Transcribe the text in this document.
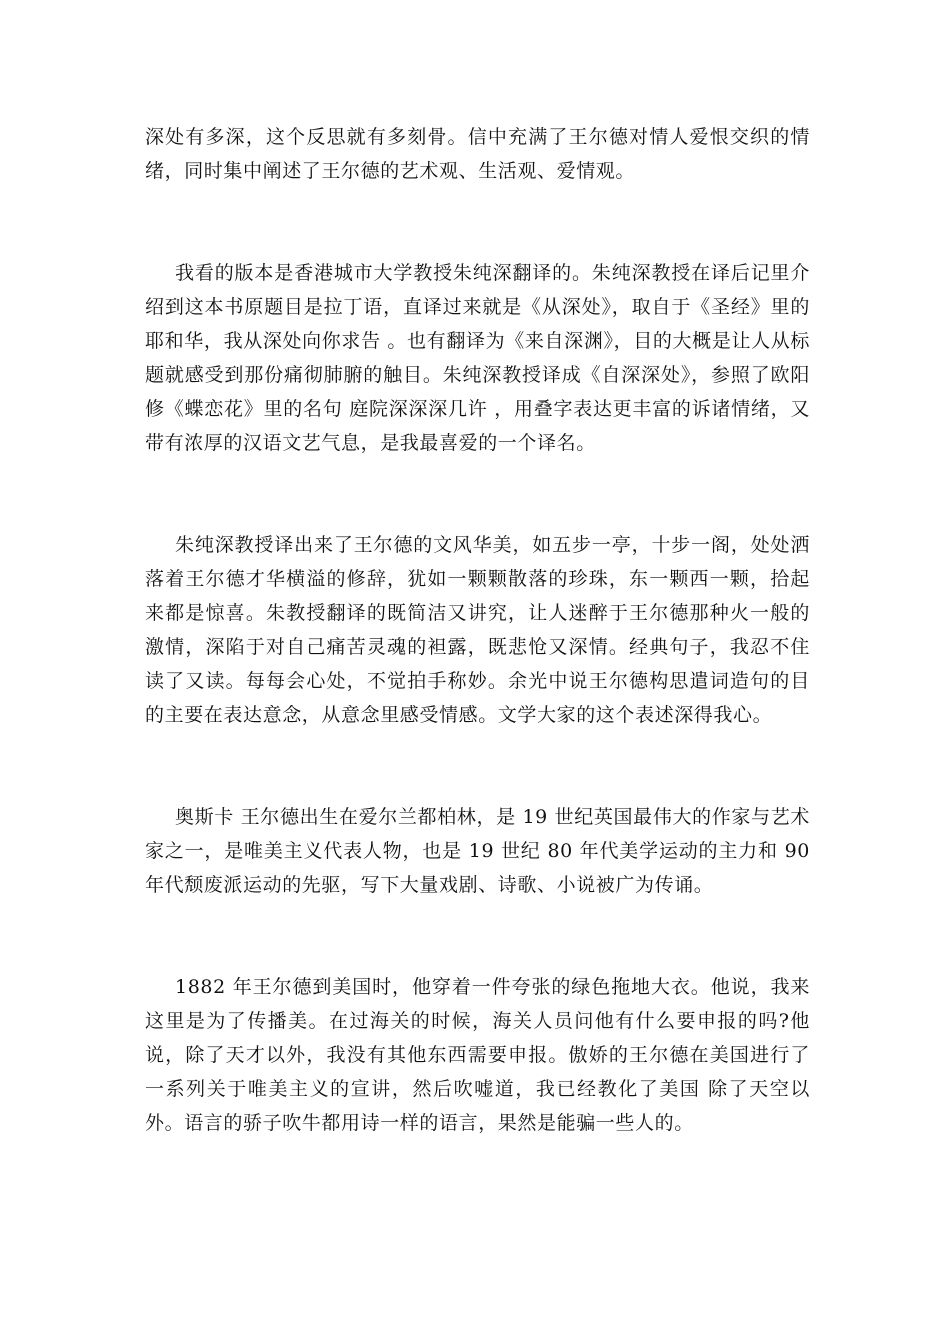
深处有多深，这个反思就有多刻骨。信中充满了王尔德对情人爱恨交织的情绪，同时集中阐述了王尔德的艺术观、生活观、爱情观。

我看的版本是香港城市大学教授朱纯深翻译的。朱纯深教授在译后记里介绍到这本书原题目是拉丁语，直译过来就是《从深处》，取自于《圣经》里的 耶和华，我从深处向你求告 。也有翻译为《来自深渊》，目的大概是让人从标题就感受到那份痛彻肺腑的触目。朱纯深教授译成《自深深处》，参照了欧阳修《蝶恋花》里的名句 庭院深深深几许 ，用叠字表达更丰富的诉诸情绪，又带有浓厚的汉语文艺气息，是我最喜爱的一个译名。

朱纯深教授译出来了王尔德的文风华美，如五步一亭，十步一阁，处处洒落着王尔德才华横溢的修辞，犹如一颗颗散落的珍珠，东一颗西一颗，拾起来都是惊喜。朱教授翻译的既简洁又讲究，让人迷醉于王尔德那种火一般的激情，深陷于对自己痛苦灵魂的袒露，既悲怆又深情。经典句子，我忍不住读了又读。每每会心处，不觉拍手称妙。余光中说王尔德构思遣词造句的目的主要在表达意念，从意念里感受情感。文学大家的这个表述深得我心。

奥斯卡 王尔德出生在爱尔兰都柏林，是 19 世纪英国最伟大的作家与艺术家之一，是唯美主义代表人物，也是 19 世纪 80 年代美学运动的主力和 90 年代颓废派运动的先驱，写下大量戏剧、诗歌、小说被广为传诵。

1882 年王尔德到美国时，他穿着一件夸张的绿色拖地大衣。他说，我来这里是为了传播美。在过海关的时候，海关人员问他有什么要申报的吗?他说，除了天才以外，我没有其他东西需要申报。傲娇的王尔德在美国进行了一系列关于唯美主义的宣讲，然后吹嘘道，我已经教化了美国 除了天空以外。语言的骄子吹牛都用诗一样的语言，果然是能骗一些人的。
